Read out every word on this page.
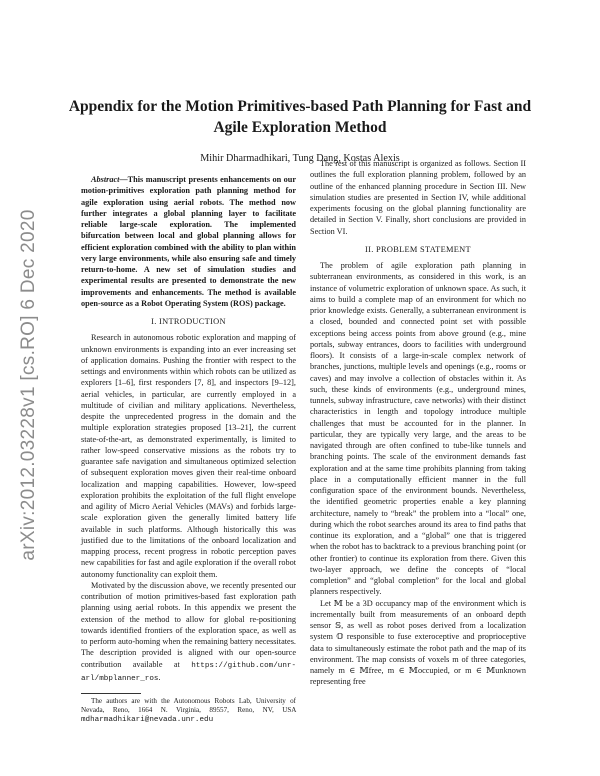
arXiv:2012.03228v1 [cs.RO] 6 Dec 2020
Appendix for the Motion Primitives-based Path Planning for Fast and Agile Exploration Method
Mihir Dharmadhikari, Tung Dang, Kostas Alexis

Abstract—This manuscript presents enhancements on our motion-primitives exploration path planning method for agile exploration using aerial robots. The method now further integrates a global planning layer to facilitate reliable large-scale exploration. The implemented bifurcation between local and global planning allows for efficient exploration combined with the ability to plan within very large environments, while also ensuring safe and timely return-to-home. A new set of simulation studies and experimental results are presented to demonstrate the new improvements and enhancements. The method is available open-source as a Robot Operating System (ROS) package.

I. INTRODUCTION

Research in autonomous robotic exploration and mapping of unknown environments is expanding into an ever increasing set of application domains. Pushing the frontier with respect to the settings and environments within which robots can be utilized as explorers [1–6], first responders [7, 8], and inspectors [9–12], aerial vehicles, in particular, are currently employed in a multitude of civilian and military applications. Nevertheless, despite the unprecedented progress in the domain and the multiple exploration strategies proposed [13–21], the current state-of-the-art, as demonstrated experimentally, is limited to rather low-speed conservative missions as the robots try to guarantee safe navigation and simultaneous optimized selection of subsequent exploration moves given their real-time onboard localization and mapping capabilities. However, low-speed exploration prohibits the exploitation of the full flight envelope and agility of Micro Aerial Vehicles (MAVs) and forbids large-scale exploration given the generally limited battery life available in such platforms. Although historically this was justified due to the limitations of the onboard localization and mapping process, recent progress in robotic perception paves new capabilities for fast and agile exploration if the overall robot autonomy functionality can exploit them.

Motivated by the discussion above, we recently presented our contribution of motion primitives-based fast exploration path planning using aerial robots. In this appendix we present the extension of the method to allow for global re-positioning towards identified frontiers of the exploration space, as well as to perform auto-homing when the remaining battery necessitates. The description provided is aligned with our open-source contribution available at https://github.com/unr-arl/mbplanner_ros.

The authors are with the Autonomous Robots Lab, University of Nevada, Reno, 1664 N. Virginia, 89557, Reno, NV, USA mdharmadhikari@nevada.unr.edu

The rest of this manuscript is organized as follows. Section II outlines the full exploration planning problem, followed by an outline of the enhanced planning procedure in Section III. New simulation studies are presented in Section IV, while additional experiments focusing on the global planning functionality are detailed in Section V. Finally, short conclusions are provided in Section VI.

II. PROBLEM STATEMENT

The problem of agile exploration path planning in subterranean environments, as considered in this work, is an instance of volumetric exploration of unknown space. As such, it aims to build a complete map of an environment for which no prior knowledge exists. Generally, a subterranean environment is a closed, bounded and connected point set with possible exceptions being access points from above ground (e.g., mine portals, subway entrances, doors to facilities with underground floors). It consists of a large-in-scale complex network of branches, junctions, multiple levels and openings (e.g., rooms or caves) and may involve a collection of obstacles within it. As such, these kinds of environments (e.g., underground mines, tunnels, subway infrastructure, cave networks) with their distinct characteristics in length and topology introduce multiple challenges that must be accounted for in the planner. In particular, they are typically very large, and the areas to be navigated through are often confined to tube-like tunnels and branching points. The scale of the environment demands fast exploration and at the same time prohibits planning from taking place in a computationally efficient manner in the full configuration space of the environment bounds. Nevertheless, the identified geometric properties enable a key planning architecture, namely to “break” the problem into a “local” one, during which the robot searches around its area to find paths that continue its exploration, and a “global” one that is triggered when the robot has to backtrack to a previous branching point (or other frontier) to continue its exploration from there. Given this two-layer approach, we define the concepts of “local completion” and “global completion” for the local and global planners respectively.

Let 𝕄 be a 3D occupancy map of the environment which is incrementally built from measurements of an onboard depth sensor 𝕊, as well as robot poses derived from a localization system 𝕆 responsible to fuse exteroceptive and proprioceptive data to simultaneously estimate the robot path and the map of its environment. The map consists of voxels m of three categories, namely m ∈ 𝕄free, m ∈ 𝕄occupied, or m ∈ 𝕄unknown representing free
